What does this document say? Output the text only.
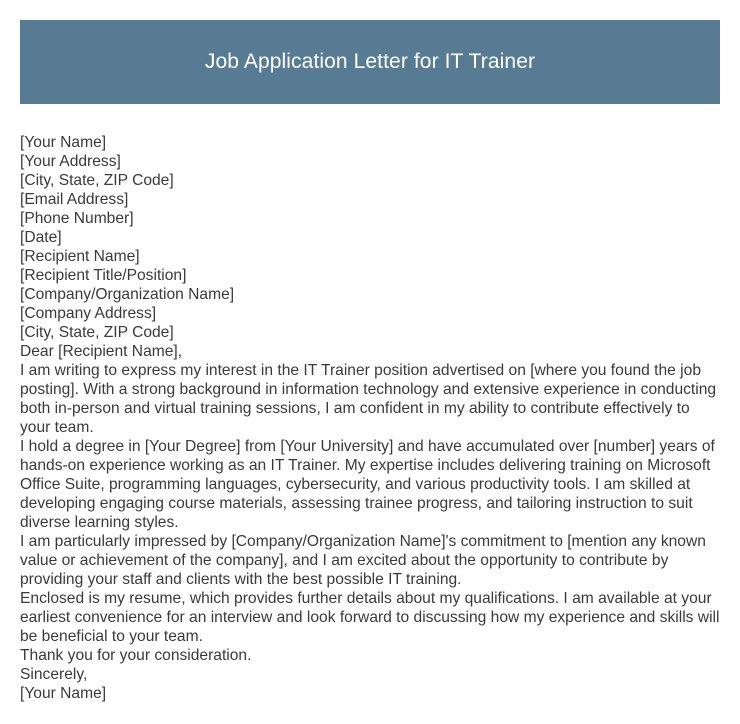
Job Application Letter for IT Trainer
[Your Name]
[Your Address]
[City, State, ZIP Code]
[Email Address]
[Phone Number]
[Date]
[Recipient Name]
[Recipient Title/Position]
[Company/Organization Name]
[Company Address]
[City, State, ZIP Code]
Dear [Recipient Name],
I am writing to express my interest in the IT Trainer position advertised on [where you found the job posting]. With a strong background in information technology and extensive experience in conducting both in-person and virtual training sessions, I am confident in my ability to contribute effectively to your team.
I hold a degree in [Your Degree] from [Your University] and have accumulated over [number] years of hands-on experience working as an IT Trainer. My expertise includes delivering training on Microsoft Office Suite, programming languages, cybersecurity, and various productivity tools. I am skilled at developing engaging course materials, assessing trainee progress, and tailoring instruction to suit diverse learning styles.
I am particularly impressed by [Company/Organization Name]'s commitment to [mention any known value or achievement of the company], and I am excited about the opportunity to contribute by providing your staff and clients with the best possible IT training.
Enclosed is my resume, which provides further details about my qualifications. I am available at your earliest convenience for an interview and look forward to discussing how my experience and skills will be beneficial to your team.
Thank you for your consideration.
Sincerely,
[Your Name]
